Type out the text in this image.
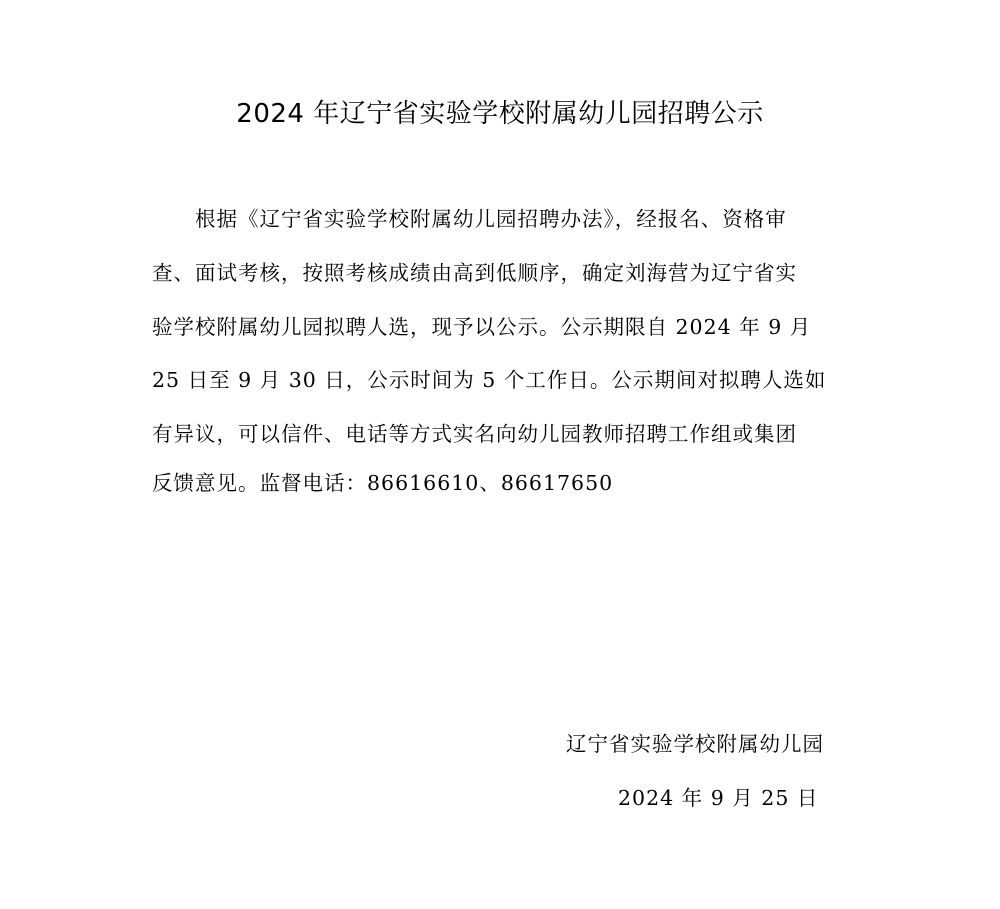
2024 年辽宁省实验学校附属幼儿园招聘公示
　　根据《辽宁省实验学校附属幼儿园招聘办法》，经报名、资格审
查、面试考核，按照考核成绩由高到低顺序，确定刘海营为辽宁省实
验学校附属幼儿园拟聘人选，现予以公示。公示期限自 2024 年 9 月
25 日至 9 月 30 日，公示时间为 5 个工作日。公示期间对拟聘人选如
有异议，可以信件、电话等方式实名向幼儿园教师招聘工作组或集团
反馈意见。监督电话：86616610、86617650
辽宁省实验学校附属幼儿园
2024 年 9 月 25 日
